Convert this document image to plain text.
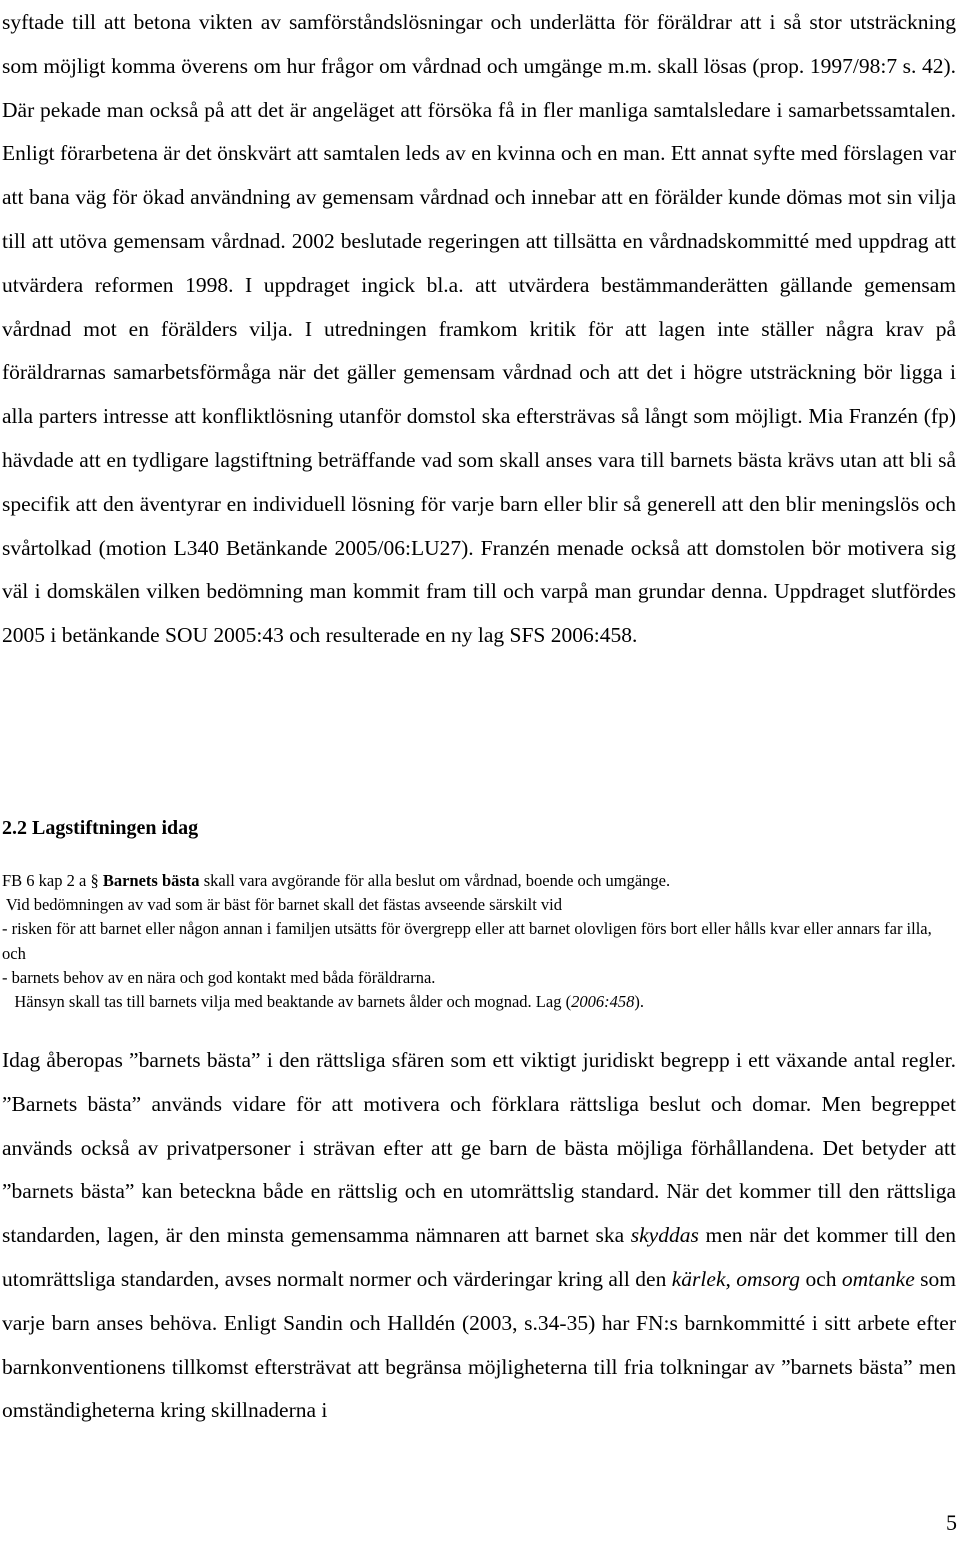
syftade till att betona vikten av samförståndslösningar och underlätta för föräldrar att i så stor utsträckning som möjligt komma överens om hur frågor om vårdnad och umgänge m.m. skall lösas (prop. 1997/98:7 s. 42). Där pekade man också på att det är angeläget att försöka få in fler manliga samtalsledare i samarbetssamtalen. Enligt förarbetena är det önskvärt att samtalen leds av en kvinna och en man. Ett annat syfte med förslagen var att bana väg för ökad användning av gemensam vårdnad och innebar att en förälder kunde dömas mot sin vilja till att utöva gemensam vårdnad. 2002 beslutade regeringen att tillsätta en vårdnadskommitté med uppdrag att utvärdera reformen 1998. I uppdraget ingick bl.a. att utvärdera bestämmanderätten gällande gemensam vårdnad mot en förälders vilja. I utredningen framkom kritik för att lagen inte ställer några krav på föräldrarnas samarbetsförmåga när det gäller gemensam vårdnad och att det i högre utsträckning bör ligga i alla parters intresse att konfliktlösning utanför domstol ska eftersträvas så långt som möjligt. Mia Franzén (fp) hävdade att en tydligare lagstiftning beträffande vad som skall anses vara till barnets bästa krävs utan att bli så specifik att den äventyrar en individuell lösning för varje barn eller blir så generell att den blir meningslös och svårtolkad (motion L340 Betänkande 2005/06:LU27). Franzén menade också att domstolen bör motivera sig väl i domskälen vilken bedömning man kommit fram till och varpå man grundar denna. Uppdraget slutfördes 2005 i betänkande SOU 2005:43 och resulterade en ny lag SFS 2006:458.

2.2 Lagstiftningen idag
FB 6 kap 2 a § Barnets bästa skall vara avgörande för alla beslut om vårdnad, boende och umgänge.
Vid bedömningen av vad som är bäst för barnet skall det fästas avseende särskilt vid
- risken för att barnet eller någon annan i familjen utsätts för övergrepp eller att barnet olovligen förs bort eller hålls kvar eller annars far illa, och
- barnets behov av en nära och god kontakt med båda föräldrarna.
Hänsyn skall tas till barnets vilja med beaktande av barnets ålder och mognad. Lag (2006:458).

Idag åberopas ”barnets bästa” i den rättsliga sfären som ett viktigt juridiskt begrepp i ett växande antal regler. ”Barnets bästa” används vidare för att motivera och förklara rättsliga beslut och domar. Men begreppet används också av privatpersoner i strävan efter att ge barn de bästa möjliga förhållandena. Det betyder att ”barnets bästa” kan beteckna både en rättslig och en utomrättslig standard. När det kommer till den rättsliga standarden, lagen, är den minsta gemensamma nämnaren att barnet ska skyddas men när det kommer till den utomrättsliga standarden, avses normalt normer och värderingar kring all den kärlek, omsorg och omtanke som varje barn anses behöva. Enligt Sandin och Halldén (2003, s.34-35) har FN:s barnkommitté i sitt arbete efter barnkonventionens tillkomst eftersträvat att begränsa möjligheterna till fria tolkningar av ”barnets bästa” men omständigheterna kring skillnaderna i

5
